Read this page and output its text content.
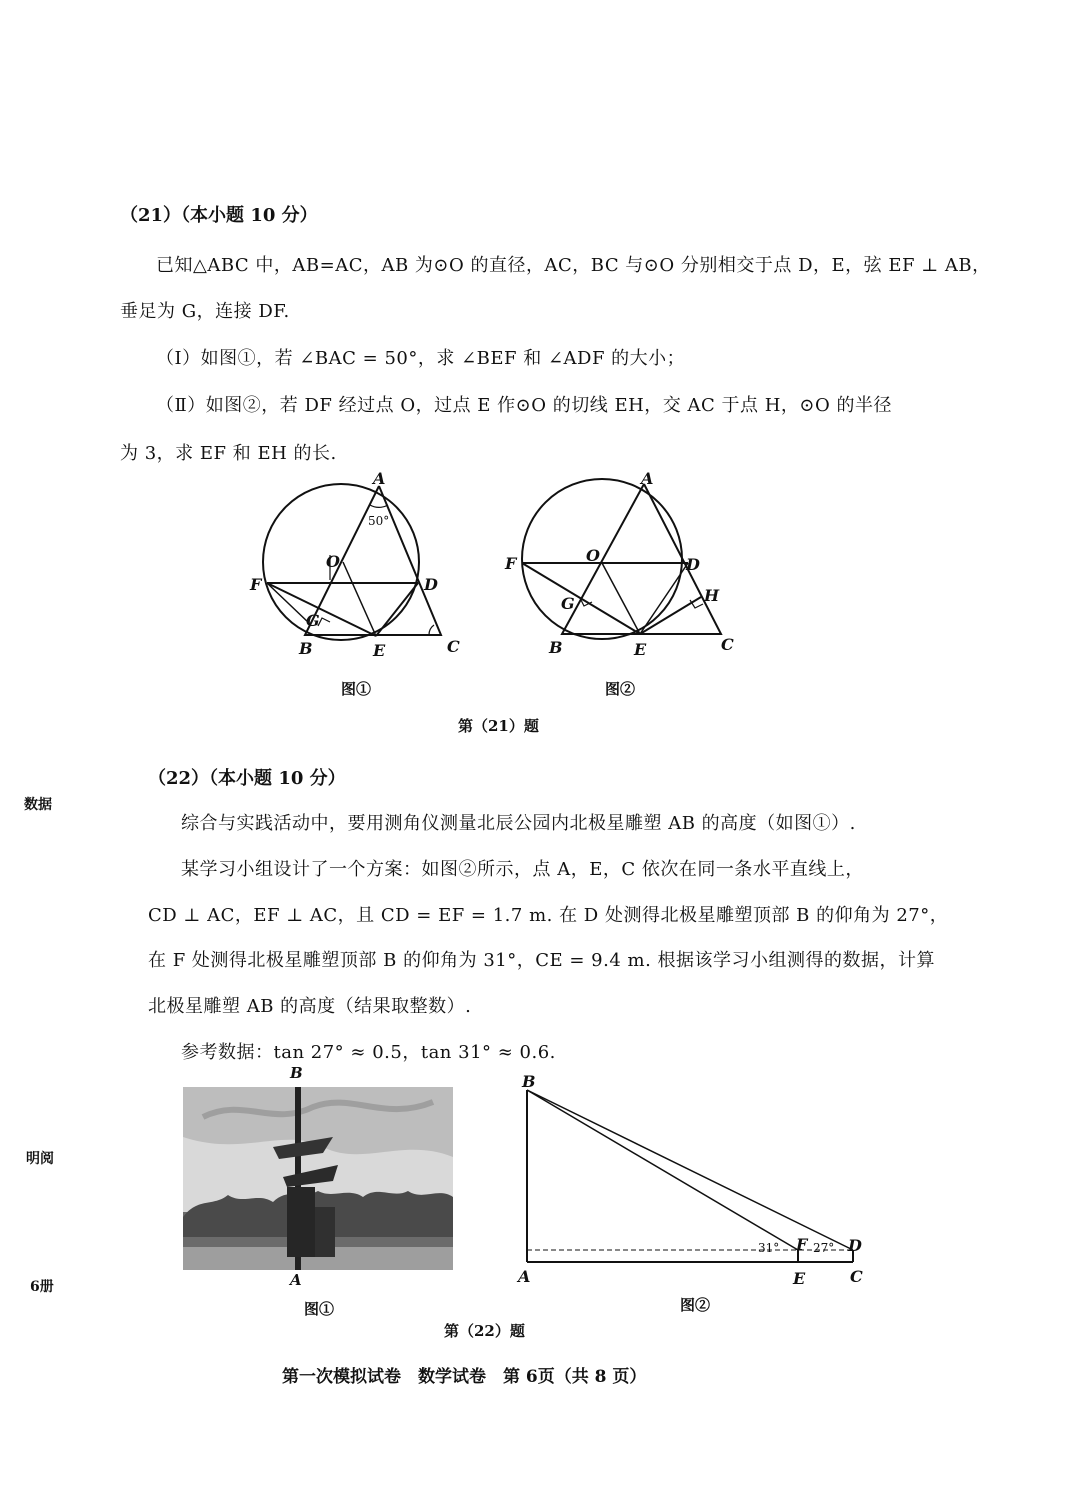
（21）（本小题 10 分）
已知△ABC 中，AB=AC，AB 为⊙O 的直径，AC，BC 与⊙O 分别相交于点 D，E，弦 EF ⊥ AB，
垂足为 G，连接 DF.
（Ⅰ）如图①，若 ∠BAC = 50°，求 ∠BEF 和 ∠ADF 的大小；
（Ⅱ）如图②，若 DF 经过点 O，过点 E 作⊙O 的切线 EH，交 AC 于点 H，⊙O 的半径
为 3，求 EF 和 EH 的长.
50°
A
O
F	D
G
B	E	C
A
O
F	D
G	H
B	E	C
图①	图②
第（21）题
（22）（本小题 10 分）
综合与实践活动中，要用测角仪测量北辰公园内北极星雕塑 AB 的高度（如图①）.
某学习小组设计了一个方案：如图②所示，点 A，E，C 依次在同一条水平直线上，
CD ⊥ AC，EF ⊥ AC，且 CD = EF = 1.7 m. 在 D 处测得北极星雕塑顶部 B 的仰角为 27°，
在 F 处测得北极星雕塑顶部 B 的仰角为 31°，CE = 9.4 m. 根据该学习小组测得的数据，计算
北极星雕塑 AB 的高度（结果取整数）.
参考数据：tan 27° ≈ 0.5，tan 31° ≈ 0.6.
B
A
B
A	E	C
F	D
31°	27°
图①	图②
第（22）题
数据
明阅
6册
第一次模拟试卷　数学试卷　第 6页（共 8 页）
